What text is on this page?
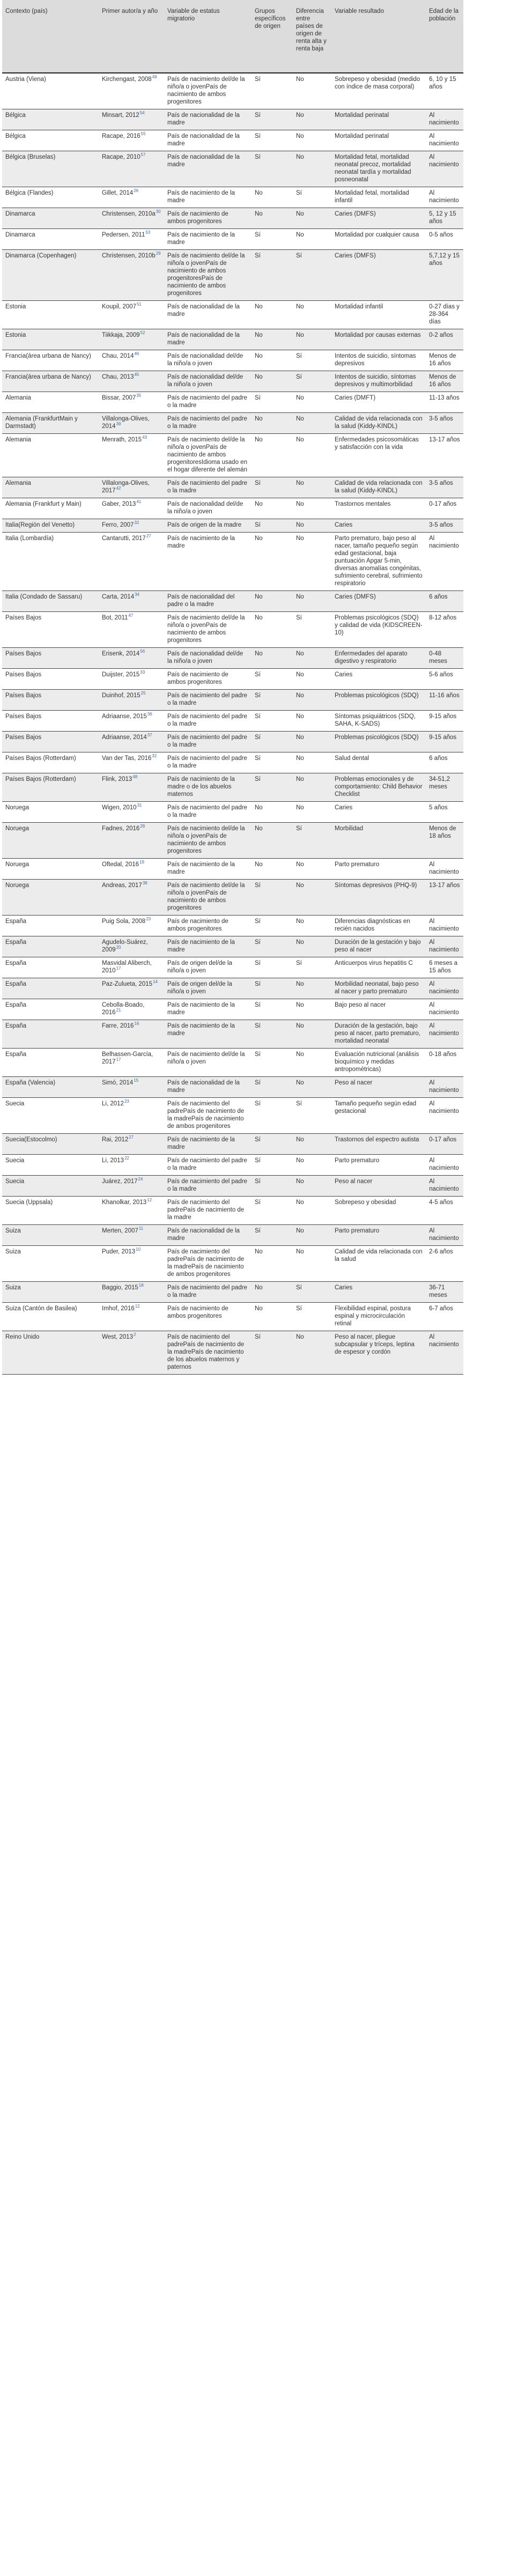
Contexto (país)	Primer autor/a y año	Variable de estatus migratorio	Grupos específicos de origen	Diferencia entre países de origen de renta alta y renta baja	Variable resultado	Edad de la población
Austria (Viena)	Kirchengast, 2008$^{49}$	País de nacimiento del/de la niño/a o jovenPaís de nacimiento de ambos progenitores	Sí	No	Sobrepeso y obesidad (medido con índice de masa corporal)	6, 10 y 15 años
Bélgica	Minsart, 2012$^{54}$	País de nacionalidad de la madre	Sí	No	Mortalidad perinatal	Al nacimiento
Bélgica	Racape, 2016$^{55}$	País de nacionalidad de la madre	Sí	No	Mortalidad perinatal	Al nacimiento
Bélgica (Bruselas)	Racape, 2010$^{57}$	País de nacionalidad de la madre	Sí	No	Mortalidad fetal, mortalidad neonatal precoz, mortalidad neonatal tardía y mortalidad posneonatal	Al nacimiento
Bélgica (Flandes)	Gillet, 2014$^{26}$	País de nacimiento de la madre	No	Sí	Mortalidad fetal, mortalidad infantil	Al nacimiento
Dinamarca	Christensen, 2010a$^{30}$	País de nacimiento de ambos progenitores	No	No	Caries (DMFS)	5, 12 y 15 años
Dinamarca	Pedersen, 2011$^{53}$	País de nacimiento de la madre	Sí	No	Mortalidad por cualquier causa	0-5 años
Dinamarca (Copenhagen)	Christensen, 2010b$^{29}$	País de nacimiento del/de la niño/a o jovenPaís de nacimiento de ambos progenitoresPaís de nacimiento de ambos progenitores	Sí	Sí	Caries (DMFS)	5,7,12 y 15 años
Estonia	Koupil, 2007$^{51}$	País de nacionalidad de la madre	No	No	Mortalidad infantil	0-27 días y 28-364 días
Estonia	Tiikkaja, 2009$^{52}$	País de nacionalidad de la madre	No	No	Mortalidad por causas externas	0-2 años
Francia(área urbana de Nancy)	Chau, 2014$^{46}$	País de nacionalidad del/de la niño/a o joven	No	Sí	Intentos de suicidio, síntomas depresivos	Menos de 16 años
Francia(área urbana de Nancy)	Chau, 2013$^{45}$	País de nacionalidad del/de la niño/a o joven	No	Sí	Intentos de suicidio, síntomas depresivos y multimorbilidad	Menos de 16 años
Alemania	Bissar, 2007$^{35}$	País de nacimiento del padre o la madre	Sí	No	Caries (DMFT)	11-13 años
Alemania (FrankfurtMain y Darmstadt)	Villalonga-Olives, 2014$^{39}$	País de nacimiento del padre o la madre	No	No	Calidad de vida relacionada con la salud (Kiddy-KINDL)	3-5 años
Alemania	Menrath, 2015$^{43}$	País de nacimiento del/de la niño/a o jovenPaís de nacimiento de ambos progenitoresIdioma usado en el hogar diferente del alemán	No	No	Enfermedades psicosomáticas y satisfacción con la vida	13-17 años
Alemania	Villalonga-Olives, 2017$^{42}$	País de nacimiento del padre o la madre	Sí	No	Calidad de vida relacionada con la salud (Kiddy-KINDL)	3-5 años
Alemania (Frankfurt y Main)	Gaber, 2013$^{41}$	País de nacionalidad del/de la niño/a o joven	No	No	Trastornos mentales	0-17 años
Italia(Región del Venetto)	Ferro, 2007$^{32}$	País de origen de la madre	Sí	No	Caries	3-5 años
Italia (Lombardía)	Cantarutti, 2017$^{27}$	País de nacimiento de la madre	No	No	Parto prematuro, bajo peso al nacer, tamaño pequeño según edad gestacional, baja puntuación Apgar 5-min, diversas anomalías congénitas, sufrimiento cerebral, sufrimiento respiratorio	Al nacimiento
Italia (Condado de Sassaru)	Carta, 2014$^{34}$	País de nacionalidad del padre o la madre	No	No	Caries (DMFS)	6 años
Países Bajos	Bot, 2011$^{47}$	País de nacimiento del/de la niño/a o jovenPaís de nacimiento de ambos progenitores	No	Sí	Problemas psicológicos (SDQ) y calidad de vida (KIDSCREEN-10)	8-12 años
Países Bajos	Erisenk, 2014$^{56}$	País de nacionalidad del/de la niño/a o joven	No	No	Enfermedades del aparato digestivo y respiratorio	0-48 meses
Países Bajos	Duijster, 2015$^{33}$	País de nacimiento de ambos progenitores	Sí	No	Caries	5-6 años
Países Bajos	Duinhof, 2015$^{25}$	País de nacimiento del padre o la madre	Sí	No	Problemas psicológicos (SDQ)	11-16 años
Países Bajos	Adriaanse, 2015$^{36}$	País de nacimiento del padre o la madre	Sí	No	Síntomas psiquiátricos (SDQ, SAHA, K-SADS)	9-15 años
Países Bajos	Adriaanse, 2014$^{37}$	País de nacimiento del padre o la madre	Sí	No	Problemas psicológicos (SDQ)	9-15 años
Países Bajos (Rotterdam)	Van der Tas, 2016$^{32}$	País de nacimiento del padre o la madre	Sí	No	Salud dental	6 años
Países Bajos (Rotterdam)	Flink, 2013$^{48}$	País de nacimiento de la madre o de los abuelos maternos	Sí	No	Problemas emocionales y de comportamiento: Child Behavior Checklist	34-51,2 meses
Noruega	Wigen, 2010$^{31}$	País de nacimiento del padre o la madre	No	No	Caries	5 años
Noruega	Fadnes, 2016$^{28}$	País de nacimiento del/de la niño/a o jovenPaís de nacimiento de ambos progenitores	No	Sí	Morbilidad	Menos de 18 años
Noruega	Oftedal, 2016$^{19}$	País de nacimiento de la madre	No	No	Parto prematuro	Al nacimiento
Noruega	Andreas, 2017$^{38}$	País de nacimiento del/de la niño/a o jovenPaís de nacimiento de ambos progenitores	Sí	No	Síntomas depresivos (PHQ-9)	13-17 años
España	Puig Sola, 2008$^{23}$	País de nacimiento de ambos progenitores	Sí	No	Diferencias diagnósticas en recién nacidos	Al nacimiento
España	Agudelo-Suárez, 2009$^{20}$	País de nacimiento de la madre	Sí	No	Duración de la gestación y bajo peso al nacer	Al nacimiento
España	Masvidal Aliberch, 2010$^{17}$	País de origen del/de la niño/a o joven	Sí	Sí	Anticuerpos virus hepatitis C	6 meses a 15 años
España	Paz-Zulueta, 2015$^{14}$	País de origen del/de la niño/a o joven	Sí	No	Morbilidad neonatal, bajo peso al nacer y parto prematuro	Al nacimiento
España	Cebolla-Boado, 2016$^{21}$	País de nacimiento de la madre	Sí	No	Bajo peso al nacer	Al nacimiento
España	Farre, 2016$^{16}$	País de nacimiento de la madre	Sí	No	Duración de la gestación, bajo peso al nacer, parto prematuro, mortalidad neonatal	Al nacimiento
España	Belhassen-García, 2017$^{17}$	País de nacimiento del/de la niño/a o joven	Sí	No	Evaluación nutricional (análisis bioquímico y medidas antropométricas)	0-18 años
España (Valencia)	Simó, 2014$^{15}$	País de nacionalidad de la madre	Sí	No	Peso al nacer	Al nacimiento
Suecia	Li, 2012$^{23}$	País de nacimiento del padrePaís de nacimiento de la madrePaís de nacimiento de ambos progenitores	Sí	Sí	Tamaño pequeño según edad gestacional	Al nacimiento
Suecia(Estocolmo)	Rai, 2012$^{27}$	País de nacimiento de la madre	Sí	No	Trastornos del espectro autista	0-17 años
Suecia	Li, 2013$^{22}$	País de nacimiento del padre o la madre	Sí	No	Parto prematuro	Al nacimiento
Suecia	Juárez, 2017$^{24}$	País de nacimiento del padre o la madre	Sí	No	Peso al nacer	Al nacimiento
Suecia (Uppsala)	Khanolkar, 2013$^{12}$	País de nacimiento del padrePaís de nacimiento de la madre	Sí	No	Sobrepeso y obesidad	4-5 años
Suiza	Merten, 2007$^{11}$	País de nacionalidad de la madre	Sí	No	Parto prematuro	Al nacimiento
Suiza	Puder, 2013$^{10}$	País de nacimiento del padrePaís de nacimiento de la madrePaís de nacimiento de ambos progenitores	No	No	Calidad de vida relacionada con la salud	2-6 años
Suiza	Baggio, 2015$^{18}$	País de nacimiento del padre o la madre	No	Sí	Caries	36-71 meses
Suiza (Cantón de Basilea)	Imhof, 2016$^{12}$	País de nacimiento de ambos progenitores	No	Sí	Flexibilidad espinal, postura espinal y microcirculación retinal	6-7 años
Reino Unido	West, 2013$^2$	País de nacimiento del padrePaís de nacimiento de la madrePaís de nacimiento de los abuelos maternos y paternos	Sí	No	Peso al nacer, pliegue subcapsular y tríceps, leptina de espesor y cordón	Al nacimiento
